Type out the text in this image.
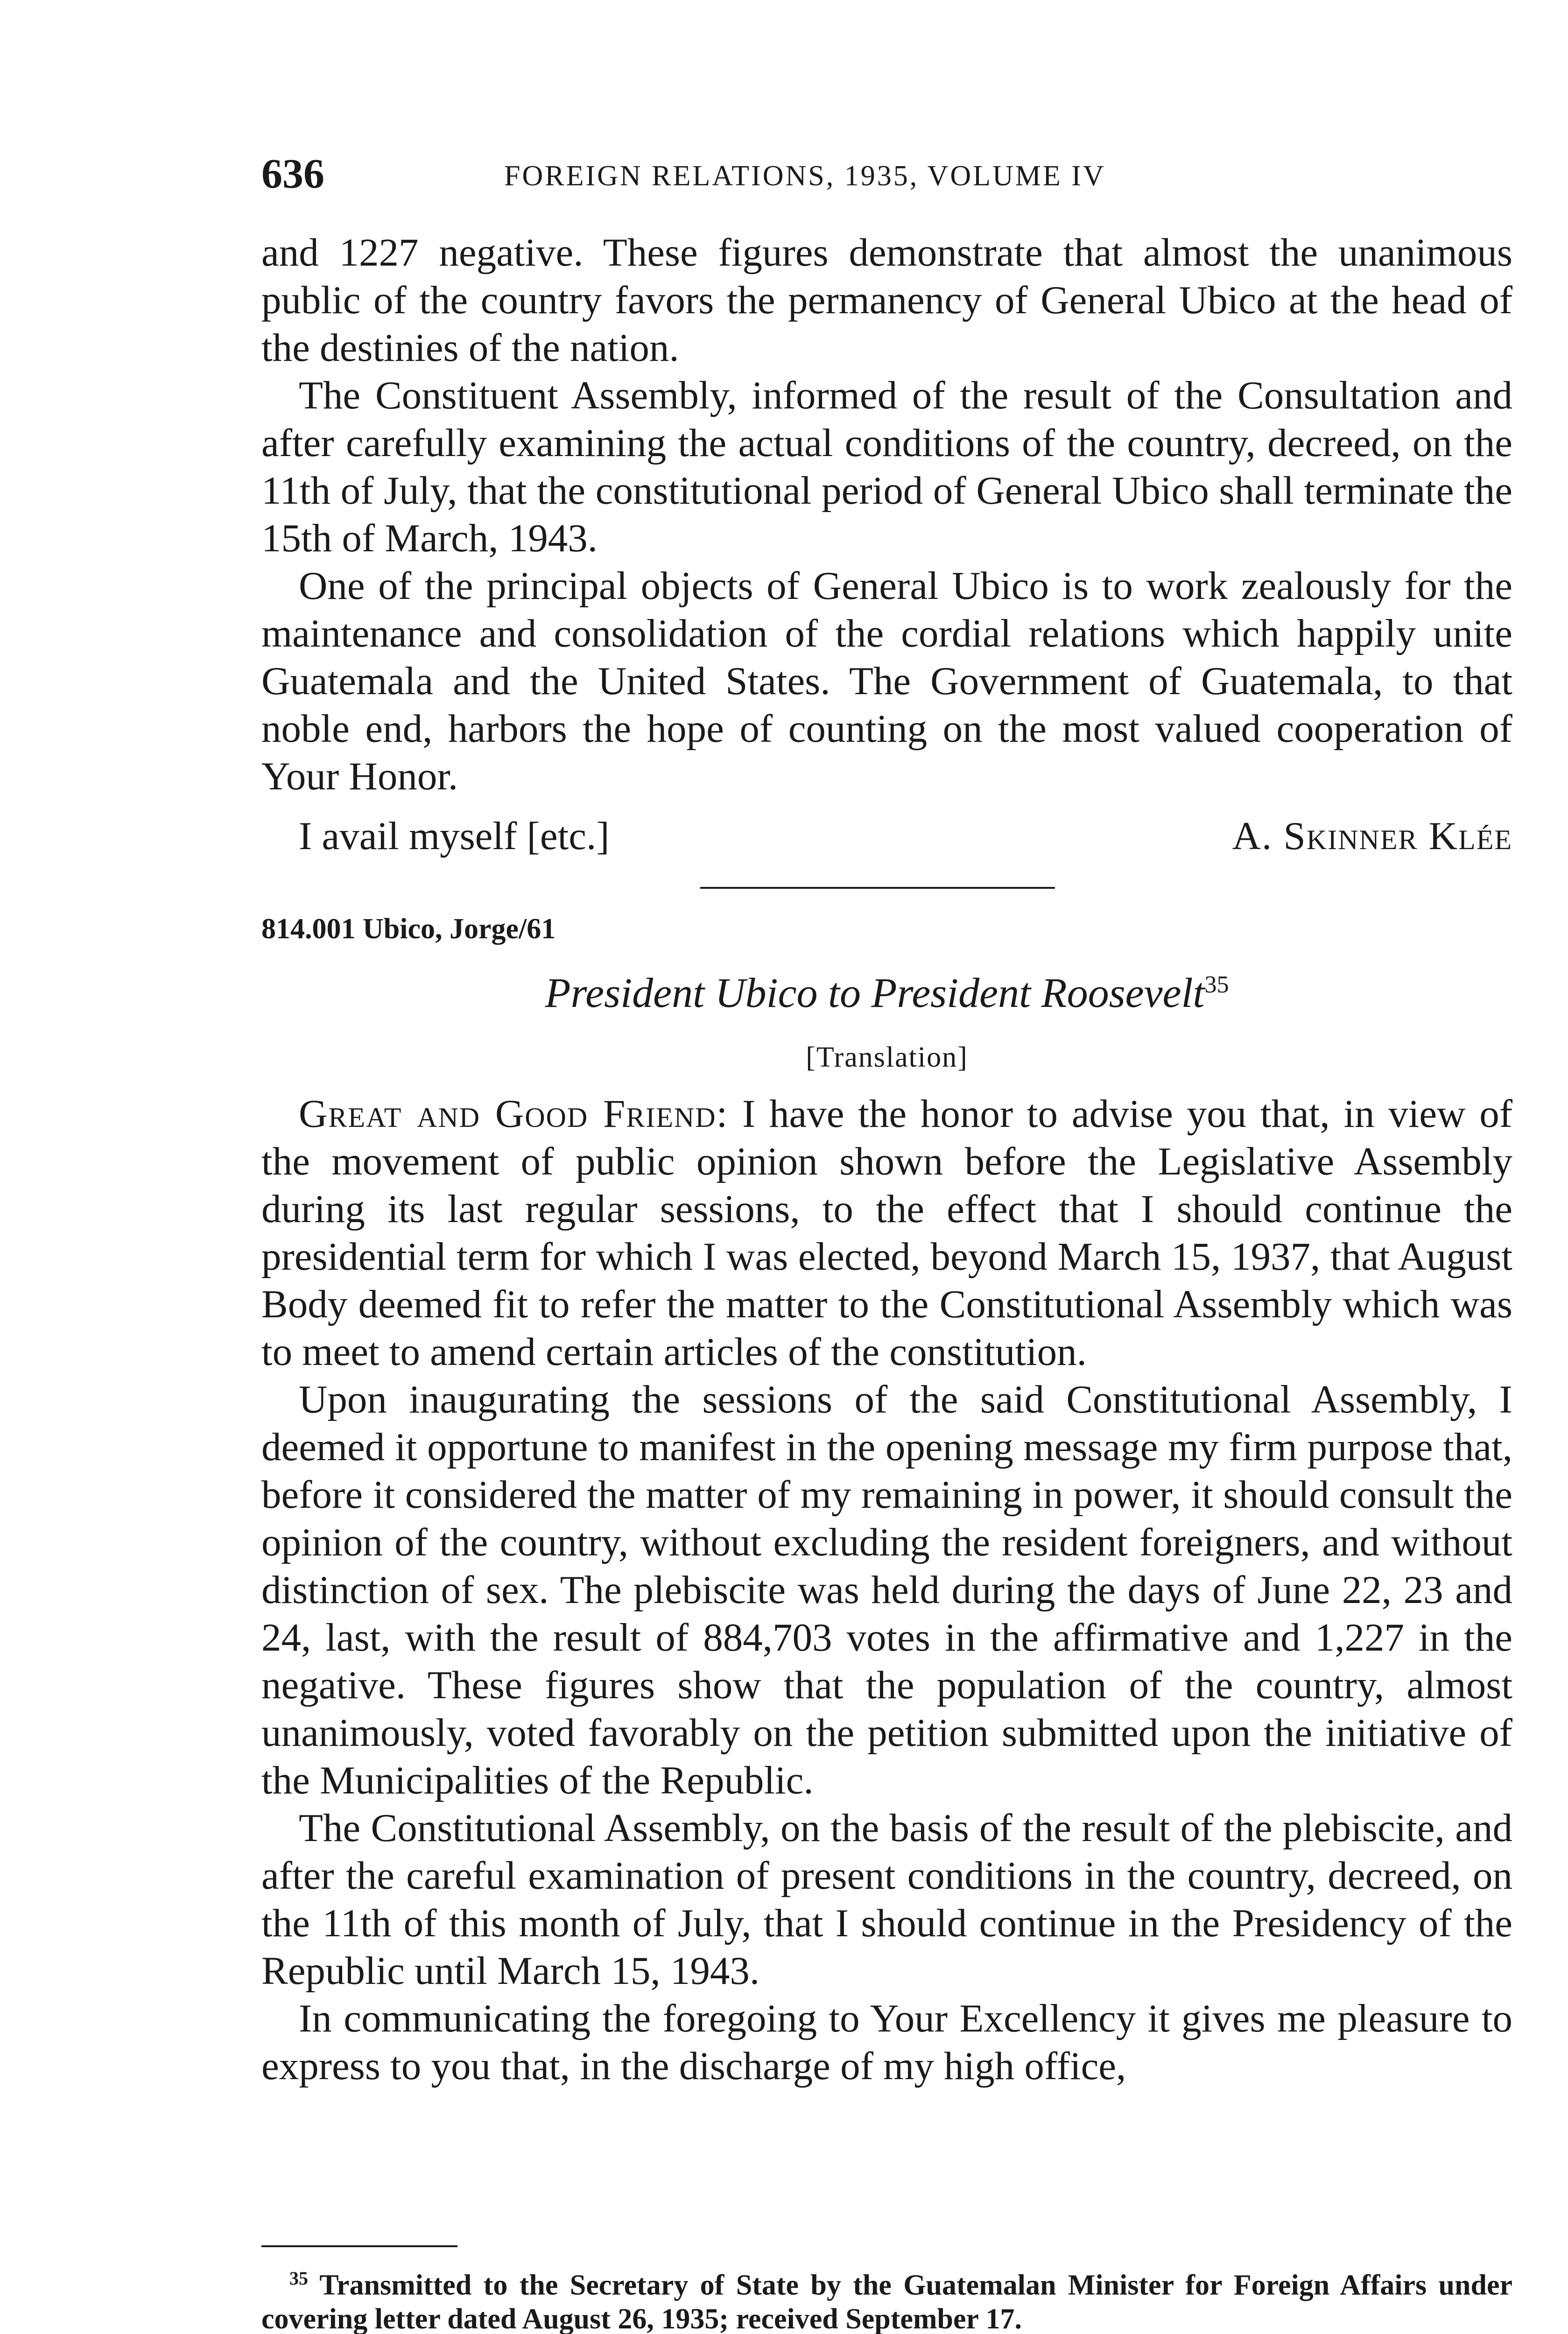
636	FOREIGN RELATIONS, 1935, VOLUME IV

and 1227 negative. These figures demonstrate that almost the unanimous public of the country favors the permanency of General Ubico at the head of the destinies of the nation.

The Constituent Assembly, informed of the result of the Consultation and after carefully examining the actual conditions of the country, decreed, on the 11th of July, that the constitutional period of General Ubico shall terminate the 15th of March, 1943.

One of the principal objects of General Ubico is to work zealously for the maintenance and consolidation of the cordial relations which happily unite Guatemala and the United States. The Government of Guatemala, to that noble end, harbors the hope of counting on the most valued cooperation of Your Honor.

I avail myself [etc.]	A. Skinner Klée
814.001 Ubico, Jorge/61
President Ubico to President Roosevelt$^{35}$
[Translation]

Great and Good Friend: I have the honor to advise you that, in view of the movement of public opinion shown before the Legislative Assembly during its last regular sessions, to the effect that I should continue the presidential term for which I was elected, beyond March 15, 1937, that August Body deemed fit to refer the matter to the Constitutional Assembly which was to meet to amend certain articles of the constitution.

Upon inaugurating the sessions of the said Constitutional Assembly, I deemed it opportune to manifest in the opening message my firm purpose that, before it considered the matter of my remaining in power, it should consult the opinion of the country, without excluding the resident foreigners, and without distinction of sex. The plebiscite was held during the days of June 22, 23 and 24, last, with the result of 884,703 votes in the affirmative and 1,227 in the negative. These figures show that the population of the country, almost unanimously, voted favorably on the petition submitted upon the initiative of the Municipalities of the Republic.

The Constitutional Assembly, on the basis of the result of the plebiscite, and after the careful examination of present conditions in the country, decreed, on the 11th of this month of July, that I should continue in the Presidency of the Republic until March 15, 1943.

In communicating the foregoing to Your Excellency it gives me pleasure to express to you that, in the discharge of my high office,

$^{35}$ Transmitted to the Secretary of State by the Guatemalan Minister for Foreign Affairs under covering letter dated August 26, 1935; received September 17.
